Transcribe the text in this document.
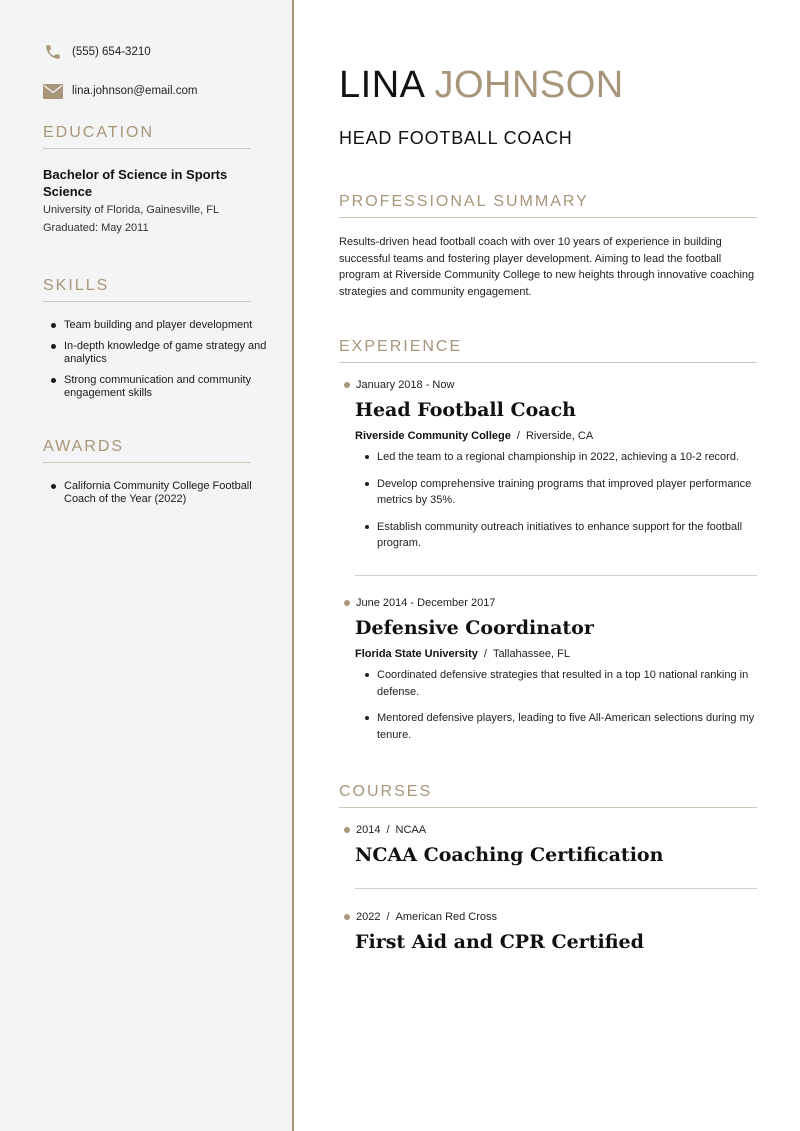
(555) 654-3210
lina.johnson@email.com
EDUCATION
Bachelor of Science in Sports Science
University of Florida, Gainesville, FL
Graduated: May 2011
SKILLS
Team building and player development
In-depth knowledge of game strategy and analytics
Strong communication and community engagement skills
AWARDS
California Community College Football Coach of the Year (2022)
LINA JOHNSON
HEAD FOOTBALL COACH
PROFESSIONAL SUMMARY
Results-driven head football coach with over 10 years of experience in building successful teams and fostering player development. Aiming to lead the football program at Riverside Community College to new heights through innovative coaching strategies and community engagement.
EXPERIENCE
January 2018 - Now
Head Football Coach
Riverside Community College / Riverside, CA
Led the team to a regional championship in 2022, achieving a 10-2 record.
Develop comprehensive training programs that improved player performance metrics by 35%.
Establish community outreach initiatives to enhance support for the football program.
June 2014 - December 2017
Defensive Coordinator
Florida State University / Tallahassee, FL
Coordinated defensive strategies that resulted in a top 10 national ranking in defense.
Mentored defensive players, leading to five All-American selections during my tenure.
COURSES
2014 / NCAA
NCAA Coaching Certification
2022 / American Red Cross
First Aid and CPR Certified
